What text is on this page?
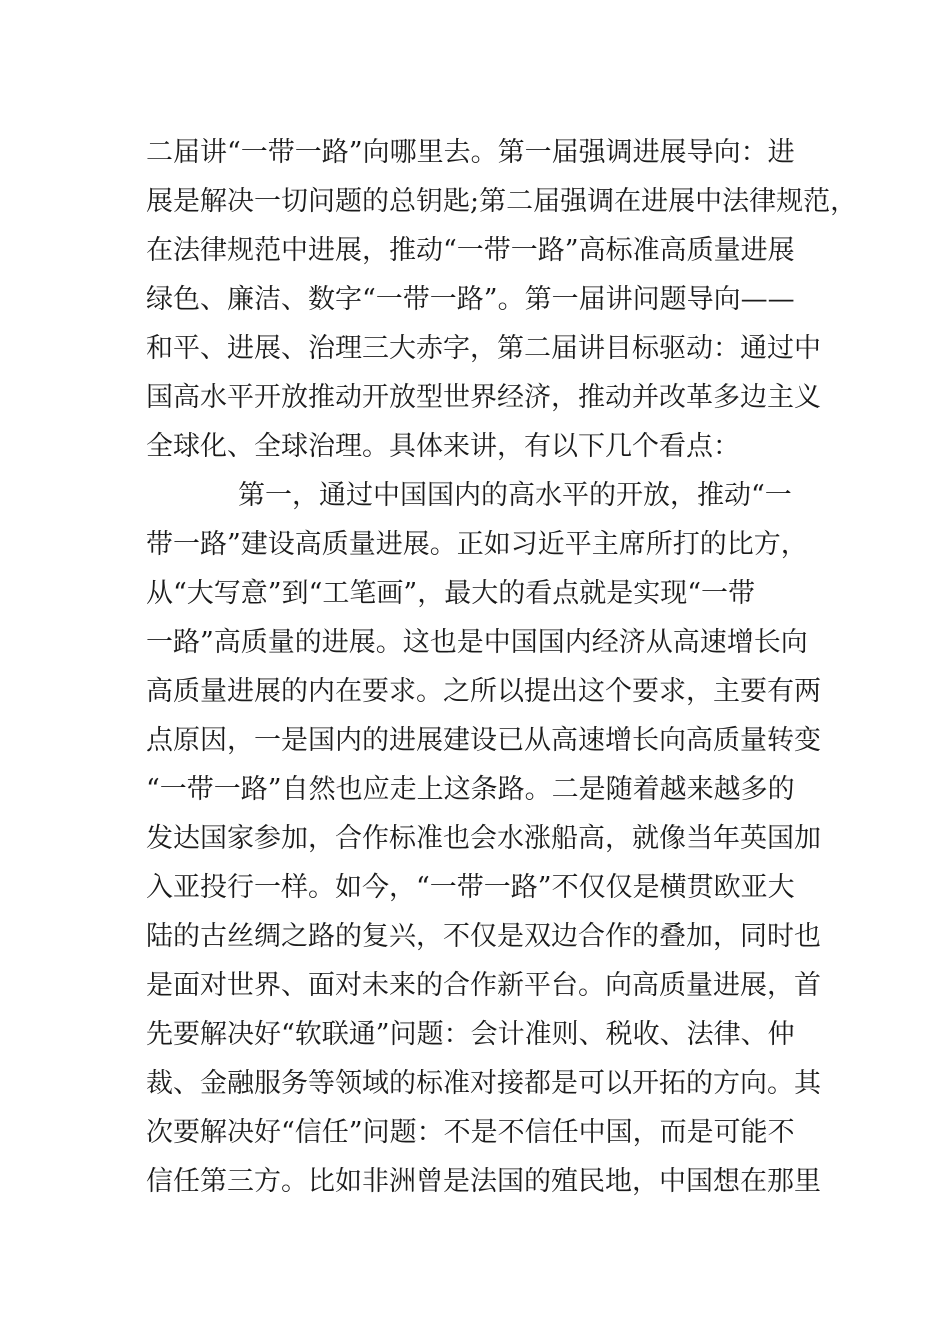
二届讲“一带一路”向哪里去。第一届强调进展导向：进
展是解决一切问题的总钥匙;第二届强调在进展中法律规范，
在法律规范中进展，推动“一带一路”高标准高质量进展
绿色、廉洁、数字“一带一路”。第一届讲问题导向——
和平、进展、治理三大赤字，第二届讲目标驱动：通过中
国高水平开放推动开放型世界经济，推动并改革多边主义
全球化、全球治理。具体来讲，有以下几个看点：
第一，通过中国国内的高水平的开放，推动“一
带一路”建设高质量进展。正如习近平主席所打的比方，
从“大写意”到“工笔画”，最大的看点就是实现“一带
一路”高质量的进展。这也是中国国内经济从高速增长向
高质量进展的内在要求。之所以提出这个要求，主要有两
点原因，一是国内的进展建设已从高速增长向高质量转变
“一带一路”自然也应走上这条路。二是随着越来越多的
发达国家参加，合作标准也会水涨船高，就像当年英国加
入亚投行一样。如今，“一带一路”不仅仅是横贯欧亚大
陆的古丝绸之路的复兴，不仅是双边合作的叠加，同时也
是面对世界、面对未来的合作新平台。向高质量进展，首
先要解决好“软联通”问题：会计准则、税收、法律、仲
裁、金融服务等领域的标准对接都是可以开拓的方向。其
次要解决好“信任”问题：不是不信任中国，而是可能不
信任第三方。比如非洲曾是法国的殖民地，中国想在那里
